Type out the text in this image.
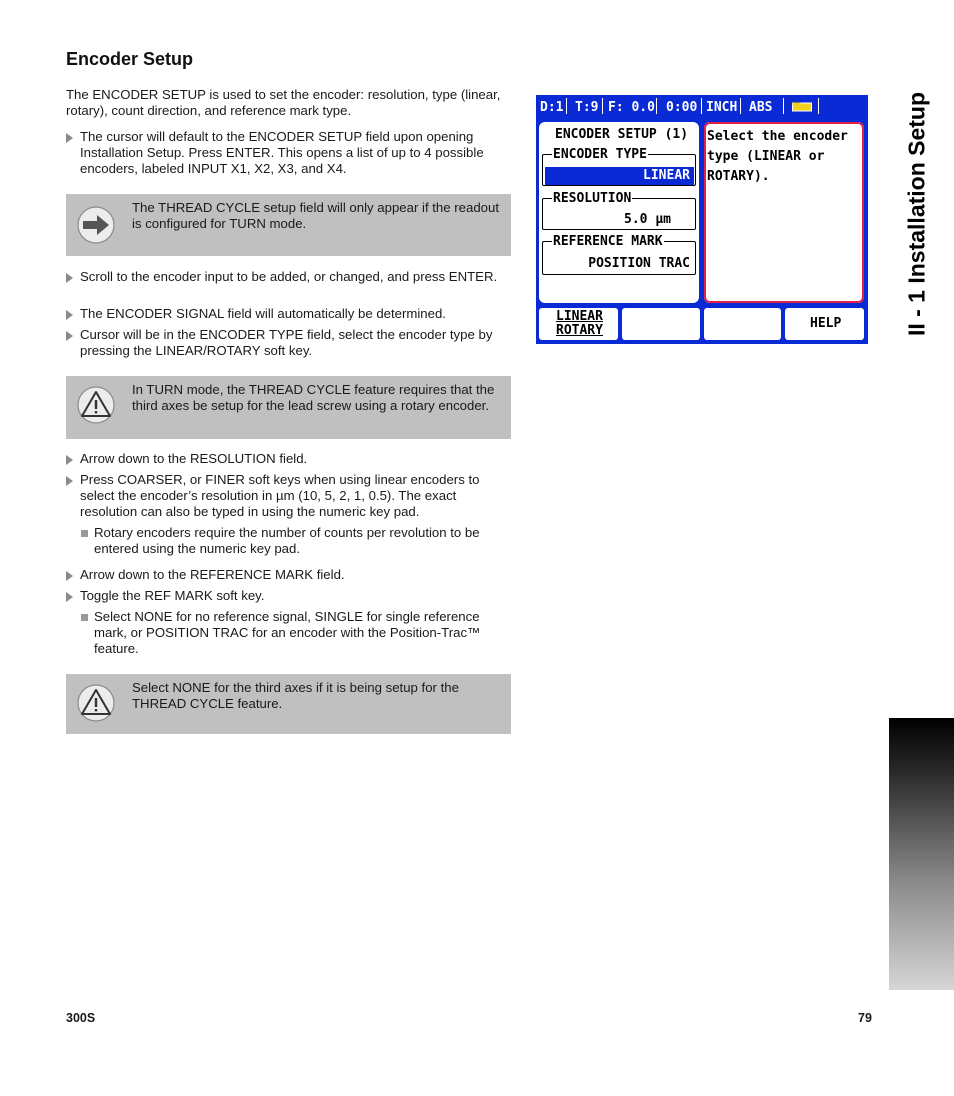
Encoder Setup
The ENCODER SETUP is used to set the encoder: resolution, type (linear, rotary), count direction, and reference mark type.
The cursor will default to the ENCODER SETUP field upon opening Installation Setup. Press ENTER. This opens a list of up to 4 possible encoders, labeled INPUT X1, X2, X3, and X4.
The THREAD CYCLE setup field will only appear if the readout is configured for TURN mode.
Scroll to the encoder input to be added, or changed, and press ENTER.
The ENCODER SIGNAL field will automatically be determined.
Cursor will be in the ENCODER TYPE field, select the encoder type by pressing the LINEAR/ROTARY soft key.
In TURN mode, the THREAD CYCLE feature requires that the third axes be setup for the lead screw using a rotary encoder.
Arrow down to the RESOLUTION field.
Press COARSER, or FINER soft keys when using linear encoders to select the encoder’s resolution in µm (10, 5, 2, 1, 0.5). The exact resolution can also be typed in using the numeric key pad.
Rotary encoders require the number of counts per revolution to be entered using the numeric key pad.
Arrow down to the REFERENCE MARK field.
Toggle the REF MARK soft key.
Select NONE for no reference signal, SINGLE for single reference mark, or POSITION TRAC for an encoder with the Position-Trac™ feature.
Select NONE for the third axes if it is being setup for the THREAD CYCLE feature.
D:1 T:9 F: 0.0 0:00 INCH ABS
ENCODER SETUP (1)
ENCODER TYPE
LINEAR
RESOLUTION
5.0 µm
REFERENCE MARK
POSITION TRAC
Select the encoder
type (LINEAR or
ROTARY).
LINEAR
ROTARY	HELP	II - 1 Installation Setup
300S	79
